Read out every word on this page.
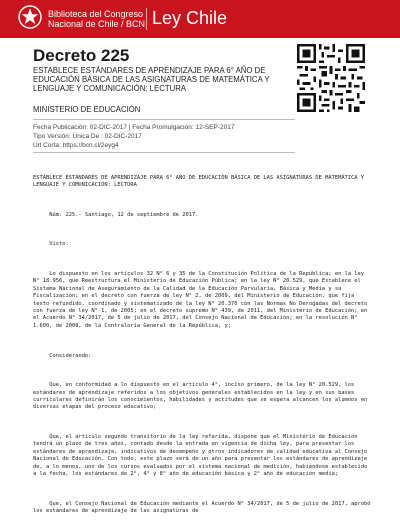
Biblioteca del Congreso
Nacional de Chile / BCN Ley Chile
Decreto 225
ESTABLECE ESTÁNDARES DE APRENDIZAJE PARA 6° AÑO DE EDUCACIÓN BÁSICA DE LAS ASIGNATURAS DE MATEMÁTICA Y LENGUAJE Y COMUNICACIÓN: LECTURA
MINISTERIO DE EDUCACIÓN
Fecha Publicación: 02-DIC-2017 | Fecha Promulgación: 12-SEP-2017
Tipo Versión: Única De : 02-DIC-2017
Url Corta: https://bcn.cl/2eyg4

ESTABLECE ESTÁNDARES DE APRENDIZAJE PARA 6° AÑO DE EDUCACIÓN BÁSICA DE LAS ASIGNATURAS DE MATEMÁTICA Y LENGUAJE Y COMUNICACIÓN: LECTURA

Núm. 225.- Santiago, 12 de septiembre de 2017.

Visto:

Lo dispuesto en los artículos 32 N° 6 y 35 de la Constitución Política de la República; en la ley N° 18.956, que Reestructura el Ministerio de Educación Pública; en la ley N° 20.529, que Establece el Sistema Nacional de Aseguramiento de la Calidad de la Educación Parvularia, Básica y Media y su Fiscalización; en el decreto con fuerza de ley N° 2, de 2009, del Ministerio de Educación, que fija texto refundido, coordinado y sistematizado de la ley N° 20.370 con las Normas No Derogadas del decreto con fuerza de ley N° 1, de 2005; en el decreto supremo N° 439, de 2011, del Ministerio de Educación; en el Acuerdo N° 34/2017, de 5 de julio de 2017, del Consejo Nacional de Educación; en la resolución N° 1.600, de 2008, de la Contraloría General de la República, y;

Considerando:

Que, en conformidad a lo dispuesto en el artículo 4°, inciso primero, de la ley N° 20.529, los estándares de aprendizaje referidos a los objetivos generales establecidos en la ley y en sus bases curriculares definirán los conocimientos, habilidades y actitudes que se espera alcancen los alumnos en diversas etapas del proceso educativo;

Que, el artículo segundo transitorio de la ley referida, dispone que el Ministerio de Educación tendrá un plazo de tres años, contado desde la entrada en vigencia de dicha ley, para presentar los estándares de aprendizaje, indicativos de desempeño y otros indicadores de calidad educativa al Consejo Nacional de Educación. Con todo, este plazo será de un año para presentar los estándares de aprendizaje de, a lo menos, uno de los cursos evaluados por el sistema nacional de medición, habiéndose establecido a la fecha, los estándares de 2°, 4° y 8° año de educación básica y 2° año de educación media;

Que, el Consejo Nacional de Educación mediante el Acuerdo N° 34/2017, de 5 de julio de 2017, aprobó los estándares de aprendizaje de las asignaturas de
